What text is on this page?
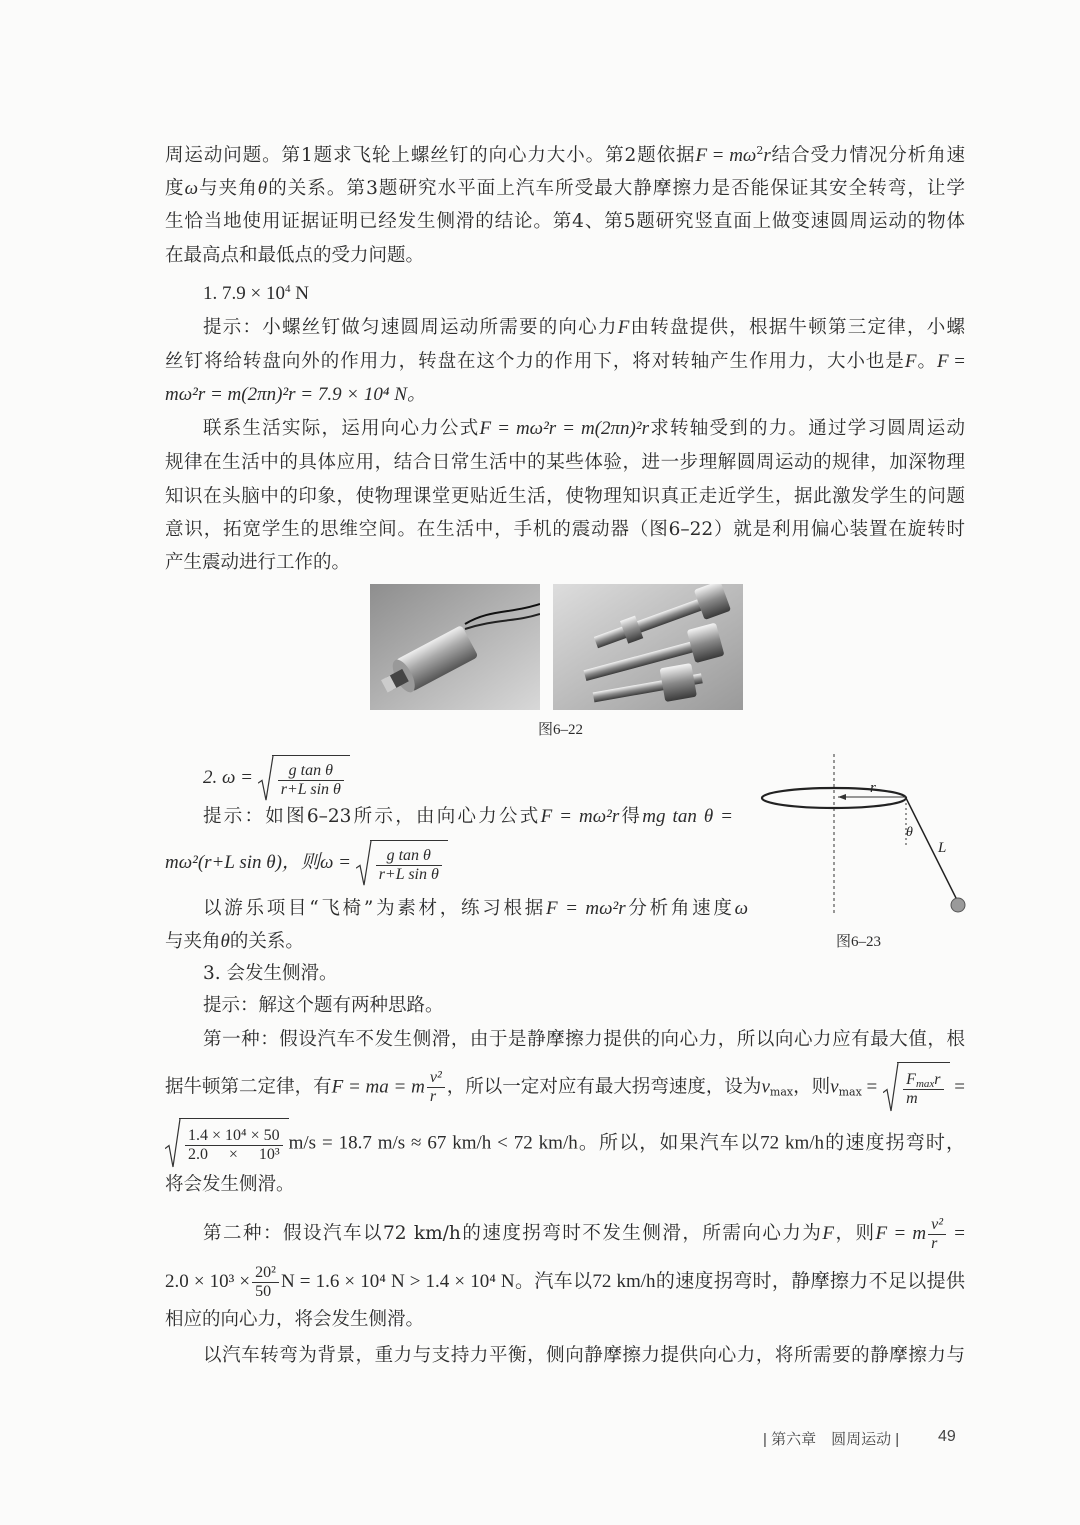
周运动问题。第1题求飞轮上螺丝钉的向心力大小。第2题依据$F = m\omega^2r$结合受力情况分析角速
度ω与夹角θ的关系。第3题研究水平面上汽车所受最大静摩擦力是否能保证其安全转弯，让学
生恰当地使用证据证明已经发生侧滑的结论。第4、第5题研究竖直面上做变速圆周运动的物体
在最高点和最低点的受力问题。
1. $7.9 \times 10^4$ N
提示：小螺丝钉做匀速圆周运动所需要的向心力F由转盘提供，根据牛顿第三定律，小螺
丝钉将给转盘向外的作用力，转盘在这个力的作用下，将对转轴产生作用力，大小也是F。F =
mω²r = m(2πn)²r = 7.9 × 10⁴ N。
联系生活实际，运用向心力公式F = mω²r = m(2πn)²r求转轴受到的力。通过学习圆周运动
规律在生活中的具体应用，结合日常生活中的某些体验，进一步理解圆周运动的规律，加深物理
知识在头脑中的印象，使物理课堂更贴近生活，使物理知识真正走近学生，据此激发学生的问题
意识，拓宽学生的思维空间。在生活中，手机的震动器（图6–22）就是利用偏心装置在旋转时
产生震动进行工作的。
图6–22
2. $\omega = \frac{\text{g tan θ}}{\text{r+L sin θ}}$
提示：如图6–23所示，由向心力公式F = mω²r得mg tan θ =
mω²(r+L sin θ)，则$\omega = \frac{\text{g tan θ}}{\text{r+L sin θ}}$
以游乐项目“飞椅”为素材，练习根据F = mω²r分析角速度ω
与夹角θ的关系。
r
θ
L
图6–23
3. 会发生侧滑。
提示：解这个题有两种思路。
第一种：假设汽车不发生侧滑，由于是静摩擦力提供的向心力，所以向心力应有最大值，根
据牛顿第二定律，有F = ma = m $\frac{\text{v²}}{r}$ ，所以一定对应有最大拐弯速度，设为$v_{max}$，则$v_{max} = \frac{F_{max}r}{m}$ =
$\frac{\text{1.4 × 10⁴ × 50}}{\text{2.0 × 10³}} m/s = 18.7$ m/s ≈ 67 km/h < 72 km/h。所以，如果汽车以72 km/h的速度拐弯时，
将会发生侧滑。
第二种：假设汽车以72 km/h的速度拐弯时不发生侧滑，所需向心力为F，则F = m $\frac{\text{v²}}{r}$ =
$2.0 \times 10^3 \times \frac{\text{20²}}{50}$ N = 1.6 × 10⁴ N > 1.4 × 10⁴ N。汽车以72 km/h的速度拐弯时，静摩擦力不足以提供
相应的向心力，将会发生侧滑。
以汽车转弯为背景，重力与支持力平衡，侧向静摩擦力提供向心力，将所需要的静摩擦力与
| 第六章　圆周运动 | 49
